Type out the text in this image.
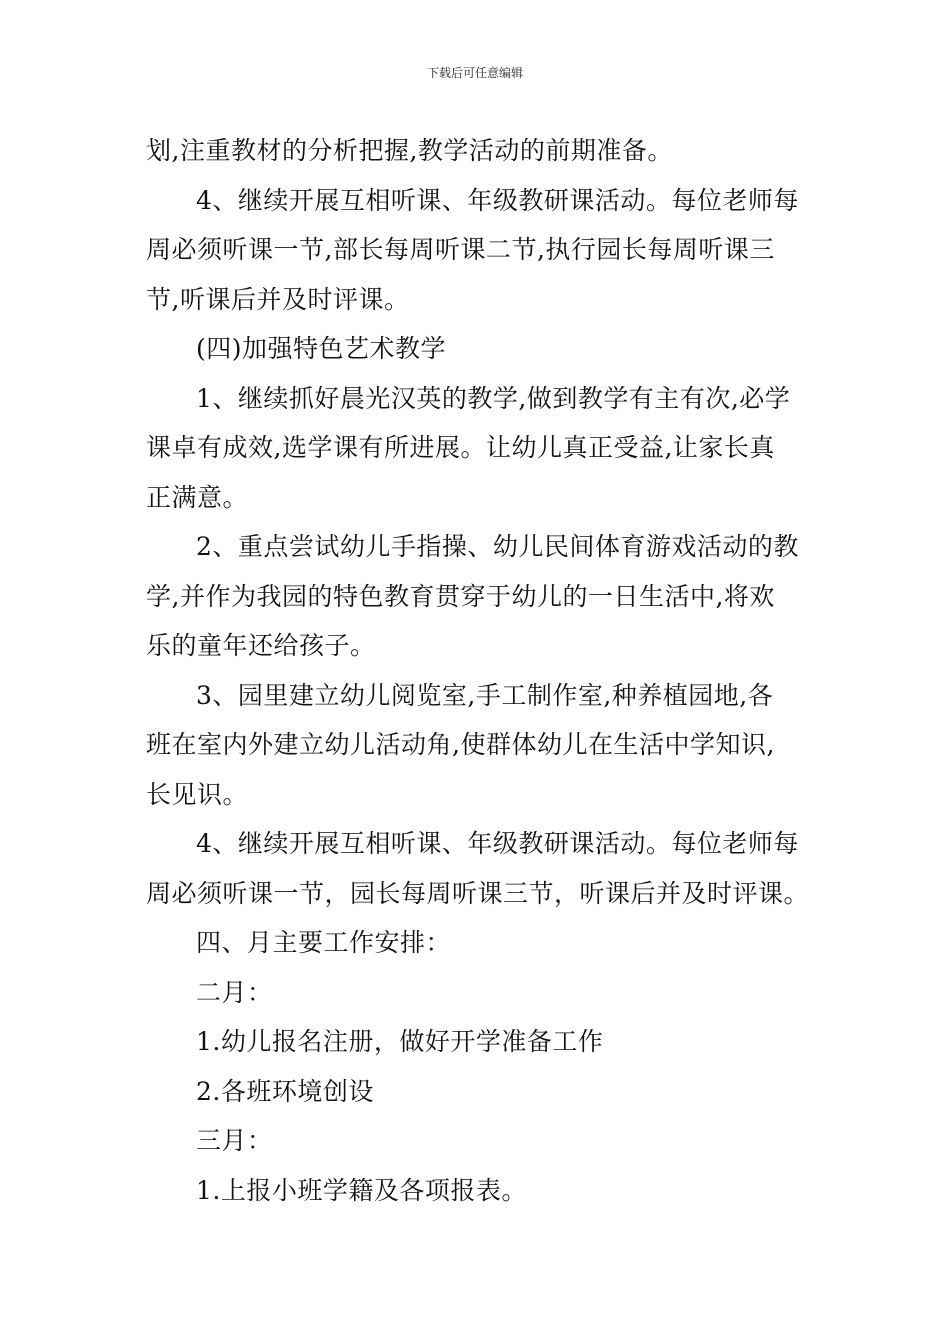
下载后可任意编辑

划,注重教材的分析把握,教学活动的前期准备。

4、继续开展互相听课、年级教研课活动。每位老师每

周必须听课一节,部长每周听课二节,执行园长每周听课三

节,听课后并及时评课。

(四)加强特色艺术教学

1、继续抓好晨光汉英的教学,做到教学有主有次,必学

课卓有成效,选学课有所进展。让幼儿真正受益,让家长真

正满意。

2、重点尝试幼儿手指操、幼儿民间体育游戏活动的教

学,并作为我园的特色教育贯穿于幼儿的一日生活中,将欢

乐的童年还给孩子。

3、园里建立幼儿阅览室,手工制作室,种养植园地,各

班在室内外建立幼儿活动角,使群体幼儿在生活中学知识,

长见识。

4、继续开展互相听课、年级教研课活动。每位老师每

周必须听课一节，园长每周听课三节，听课后并及时评课。

四、月主要工作安排：

二月：

1.幼儿报名注册，做好开学准备工作

2.各班环境创设

三月：

1.上报小班学籍及各项报表。
